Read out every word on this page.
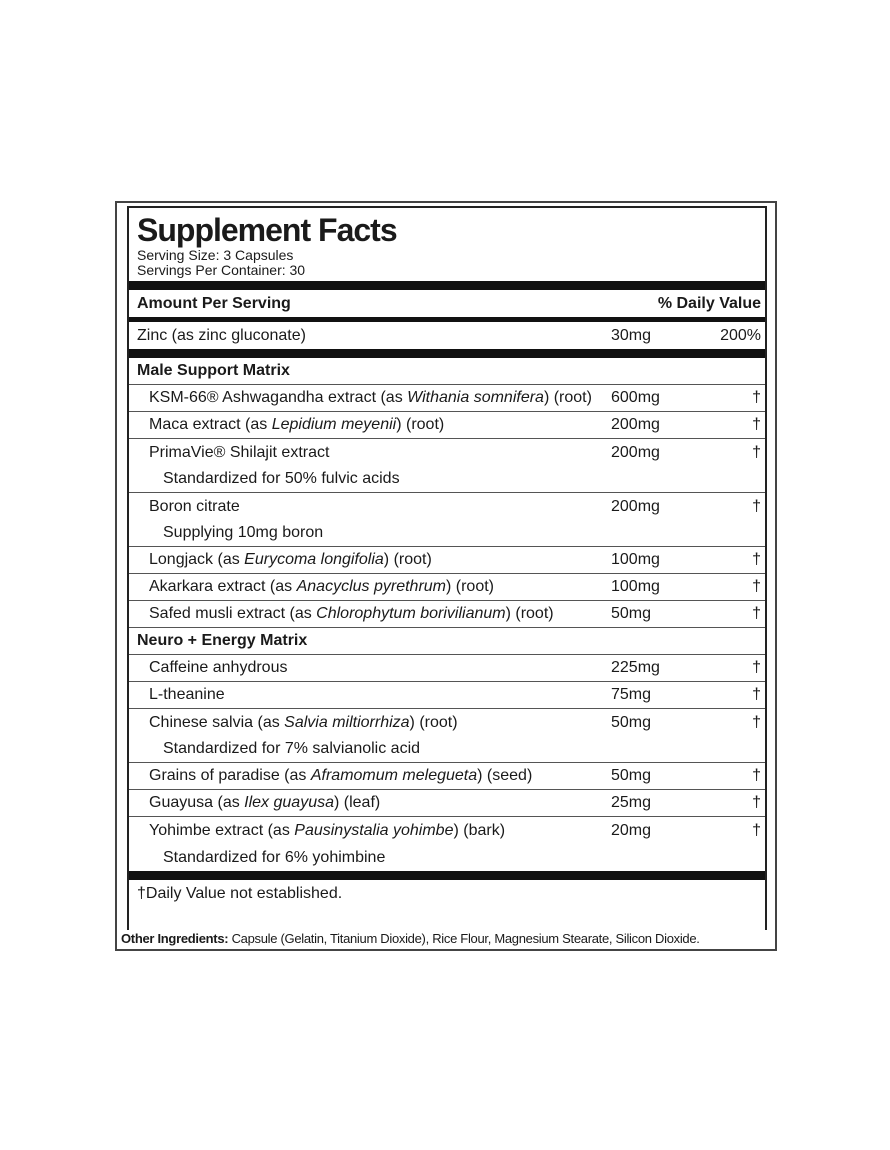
Supplement Facts
Serving Size: 3 Capsules
Servings Per Container: 30
Amount Per Serving	% Daily Value
Zinc (as zinc gluconate)	30mg	200%
Male Support Matrix
KSM-66® Ashwagandha extract (as Withania somnifera) (root)	600mg	†
Maca extract (as Lepidium meyenii) (root)	200mg	†
PrimaVie® Shilajit extract	200mg	†
Standardized for 50% fulvic acids
Boron citrate	200mg	†
Supplying 10mg boron
Longjack (as Eurycoma longifolia) (root)	100mg	†
Akarkara extract (as Anacyclus pyrethrum) (root)	100mg	†
Safed musli extract (as Chlorophytum borivilianum) (root)	50mg	†
Neuro + Energy Matrix
Caffeine anhydrous	225mg	†
L-theanine	75mg	†
Chinese salvia (as Salvia miltiorrhiza) (root)	50mg	†
Standardized for 7% salvianolic acid
Grains of paradise (as Aframomum melegueta) (seed)	50mg	†
Guayusa (as Ilex guayusa) (leaf)	25mg	†
Yohimbe extract (as Pausinystalia yohimbe) (bark)	20mg	†
Standardized for 6% yohimbine
†Daily Value not established.
Other Ingredients: Capsule (Gelatin, Titanium Dioxide), Rice Flour, Magnesium Stearate, Silicon Dioxide.
